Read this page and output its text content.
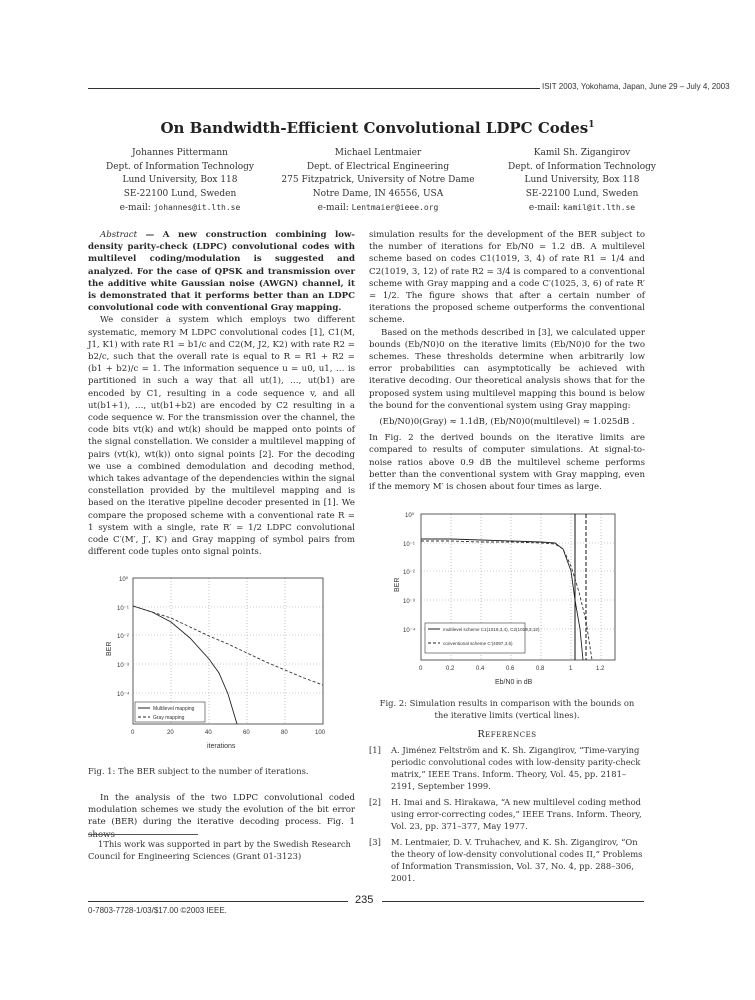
ISIT 2003, Yokohama, Japan, June 29 – July 4, 2003
On Bandwidth-Efficient Convolutional LDPC Codes$^1$
Johannes Pittermann
Dept. of Information Technology
Lund University, Box 118
SE-22100 Lund, Sweden
e-mail: johannes@it.lth.se
Michael Lentmaier
Dept. of Electrical Engineering
275 Fitzpatrick, University of Notre Dame
Notre Dame, IN 46556, USA
e-mail: Lentmaier@ieee.org
Kamil Sh. Zigangirov
Dept. of Information Technology
Lund University, Box 118
SE-22100 Lund, Sweden
e-mail: kamil@it.lth.se

Abstract — A new construction combining low-density parity-check (LDPC) convolutional codes with multilevel coding/modulation is suggested and analyzed. For the case of QPSK and transmission over the additive white Gaussian noise (AWGN) channel, it is demonstrated that it performs better than an LDPC convolutional code with conventional Gray mapping.

We consider a system which employs two different systematic, memory M LDPC convolutional codes [1], C1(M, J1, K1) with rate R1 = b1/c and C2(M, J2, K2) with rate R2 = b2/c, such that the overall rate is equal to R = R1 + R2 = (b1 + b2)/c = 1. The information sequence u = u0, u1, … is partitioned in such a way that all ut(1), …, ut(b1) are encoded by C1, resulting in a code sequence v, and all ut(b1+1), …, ut(b1+b2) are encoded by C2 resulting in a code sequence w. For the transmission over the channel, the code bits vt(k) and wt(k) should be mapped onto points of the signal constellation. We consider a multilevel mapping of pairs (vt(k), wt(k)) onto signal points [2]. For the decoding we use a combined demodulation and decoding method, which takes advantage of the dependencies within the signal constellation provided by the multilevel mapping and is based on the iterative pipeline decoder presented in [1]. We compare the proposed scheme with a conventional rate R = 1 system with a single, rate R′ = 1/2 LDPC convolutional code C′(M′, J′, K′) and Gray mapping of symbol pairs from different code tuples onto signal points.

10⁰
10⁻¹
10⁻²
10⁻³
10⁻⁴
0	20	40	60	80	100
iterations
BER
Multilevel mapping
Gray mapping
Fig. 1: The BER subject to the number of iterations.

In the analysis of the two LDPC convolutional coded modulation schemes we study the evolution of the bit error rate (BER) during the iterative decoding process. Fig. 1 shows

1This work was supported in part by the Swedish Research Council for Engineering Sciences (Grant 01-3123)

simulation results for the development of the BER subject to the number of iterations for Eb/N0 = 1.2 dB. A multilevel scheme based on codes C1(1019, 3, 4) of rate R1 = 1/4 and C2(1019, 3, 12) of rate R2 = 3/4 is compared to a conventional scheme with Gray mapping and a code C′(1025, 3, 6) of rate R′ = 1/2. The figure shows that after a certain number of iterations the proposed scheme outperforms the conventional scheme.

Based on the methods described in [3], we calculated upper bounds (Eb/N0)0 on the iterative limits (Eb/N0)0 for the two schemes. These thresholds determine when arbitrarily low error probabilities can asymptotically be achieved with iterative decoding. Our theoretical analysis shows that for the proposed system using multilevel mapping this bound is below the bound for the conventional system using Gray mapping:

(Eb/N0)0(Gray) ≈ 1.1dB, (Eb/N0)0(multilevel) ≈ 1.025dB .

In Fig. 2 the derived bounds on the iterative limits are compared to results of computer simulations. At signal-to-noise ratios above 0.9 dB the multilevel scheme performs better than the conventional system with Gray mapping, even if the memory M′ is chosen about four times as large.

10⁰
10⁻¹
10⁻²
10⁻³
10⁻⁴
0	0.2	0.4	0.6	0.8	1	1.2
Eb/N0 in dB
BER
multilevel scheme C1(1019,3,4), C2(1019,3,12)
conventional scheme C′(4097,3,6)
Fig. 2: Simulation results in comparison with the bounds on the iterative limits (vertical lines).
References
[1]	A. Jiménez Feltström and K. Sh. Zigangirov, “Time-varying periodic convolutional codes with low-density parity-check matrix,” IEEE Trans. Inform. Theory, Vol. 45, pp. 2181–2191, September 1999.
[2]	H. Imai and S. Hirakawa, “A new multilevel coding method using error-correcting codes,” IEEE Trans. Inform. Theory, Vol. 23, pp. 371–377, May 1977.
[3]	M. Lentmaier, D. V. Truhachev, and K. Sh. Zigangirov, “On the theory of low-density convolutional codes II,” Problems of Information Transmission, Vol. 37, No. 4, pp. 288–306, 2001.
235
0-7803-7728-1/03/$17.00 ©2003 IEEE.
